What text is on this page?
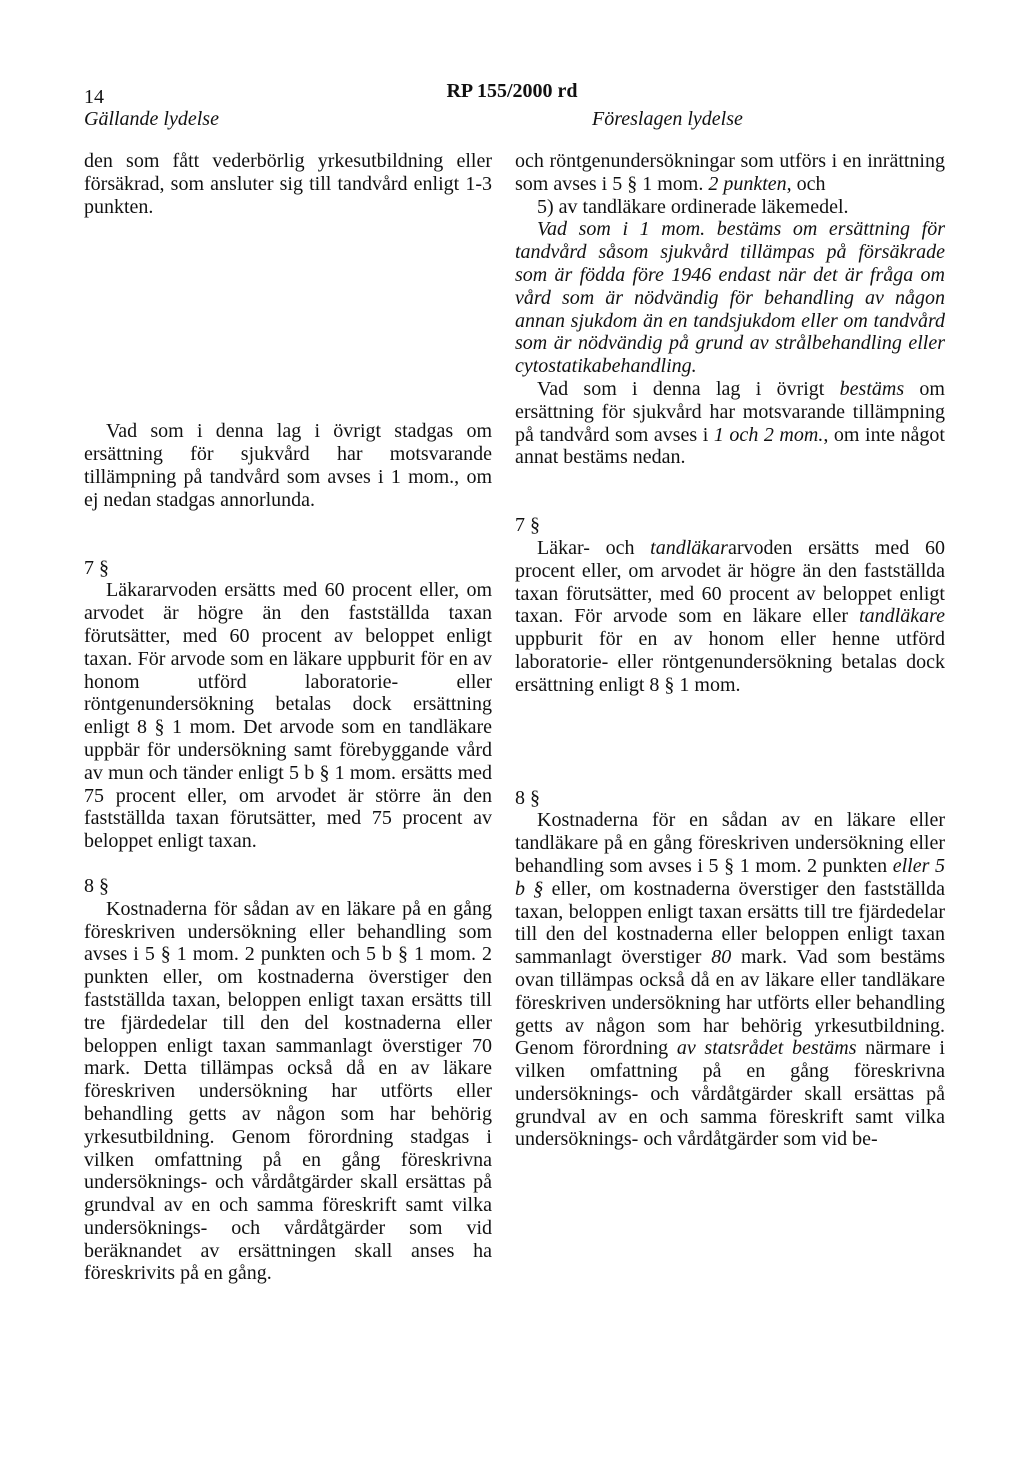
14	RP 155/2000 rd
Gällande lydelse	Föreslagen lydelse

den som fått vederbörlig yrkesutbildning eller försäkrad, som ansluter sig till tandvård enligt 1-3 punkten.

Vad som i denna lag i övrigt stadgas om ersättning för sjukvård har motsvarande tillämpning på tandvård som avses i 1 mom., om ej nedan stadgas annorlunda.

7 §

Läkararvoden ersätts med 60 procent eller, om arvodet är högre än den fastställda taxan förutsätter, med 60 procent av beloppet enligt taxan. För arvode som en läkare uppburit för en av honom utförd laboratorie- eller röntgenundersökning betalas dock ersättning enligt 8 § 1 mom. Det arvode som en tandläkare uppbär för undersökning samt förebyggande vård av mun och tänder enligt 5 b § 1 mom. ersätts med 75 procent eller, om arvodet är större än den fastställda taxan förutsätter, med 75 procent av beloppet enligt taxan.

8 §

Kostnaderna för sådan av en läkare på en gång föreskriven undersökning eller behandling som avses i 5 § 1 mom. 2 punkten och 5 b § 1 mom. 2 punkten eller, om kostnaderna överstiger den fastställda taxan, beloppen enligt taxan ersätts till tre fjärdedelar till den del kostnaderna eller beloppen enligt taxan sammanlagt överstiger 70 mark. Detta tillämpas också då en av läkare föreskriven undersökning har utförts eller behandling getts av någon som har behörig yrkesutbildning. Genom förordning stadgas i vilken omfattning på en gång föreskrivna undersöknings- och vårdåtgärder skall ersättas på grundval av en och samma föreskrift samt vilka undersöknings- och vårdåtgärder som vid beräknandet av ersättningen skall anses ha föreskrivits på en gång.

och röntgenundersökningar som utförs i en inrättning som avses i 5 § 1 mom. 2 punkten, och

5) av tandläkare ordinerade läkemedel.

Vad som i 1 mom. bestäms om ersättning för tandvård såsom sjukvård tillämpas på försäkrade som är födda före 1946 endast när det är fråga om vård som är nödvändig för behandling av någon annan sjukdom än en tandsjukdom eller om tandvård som är nödvändig på grund av strålbehandling eller cytostatikabehandling.

Vad som i denna lag i övrigt bestäms om ersättning för sjukvård har motsvarande tillämpning på tandvård som avses i 1 och 2 mom., om inte något annat bestäms nedan.

7 §

Läkar- och tandläkararvoden ersätts med 60 procent eller, om arvodet är högre än den fastställda taxan förutsätter, med 60 procent av beloppet enligt taxan. För arvode som en läkare eller tandläkare uppburit för en av honom eller henne utförd laboratorie- eller röntgenundersökning betalas dock ersättning enligt 8 § 1 mom.

8 §

Kostnaderna för en sådan av en läkare eller tandläkare på en gång föreskriven undersökning eller behandling som avses i 5 § 1 mom. 2 punkten eller 5 b § eller, om kostnaderna överstiger den fastställda taxan, beloppen enligt taxan ersätts till tre fjärdedelar till den del kostnaderna eller beloppen enligt taxan sammanlagt överstiger 80 mark. Vad som bestäms ovan tillämpas också då en av läkare eller tandläkare föreskriven undersökning har utförts eller behandling getts av någon som har behörig yrkesutbildning. Genom förordning av statsrådet bestäms närmare i vilken omfattning på en gång föreskrivna undersöknings- och vårdåtgärder skall ersättas på grundval av en och samma föreskrift samt vilka undersöknings- och vårdåtgärder som vid be-
